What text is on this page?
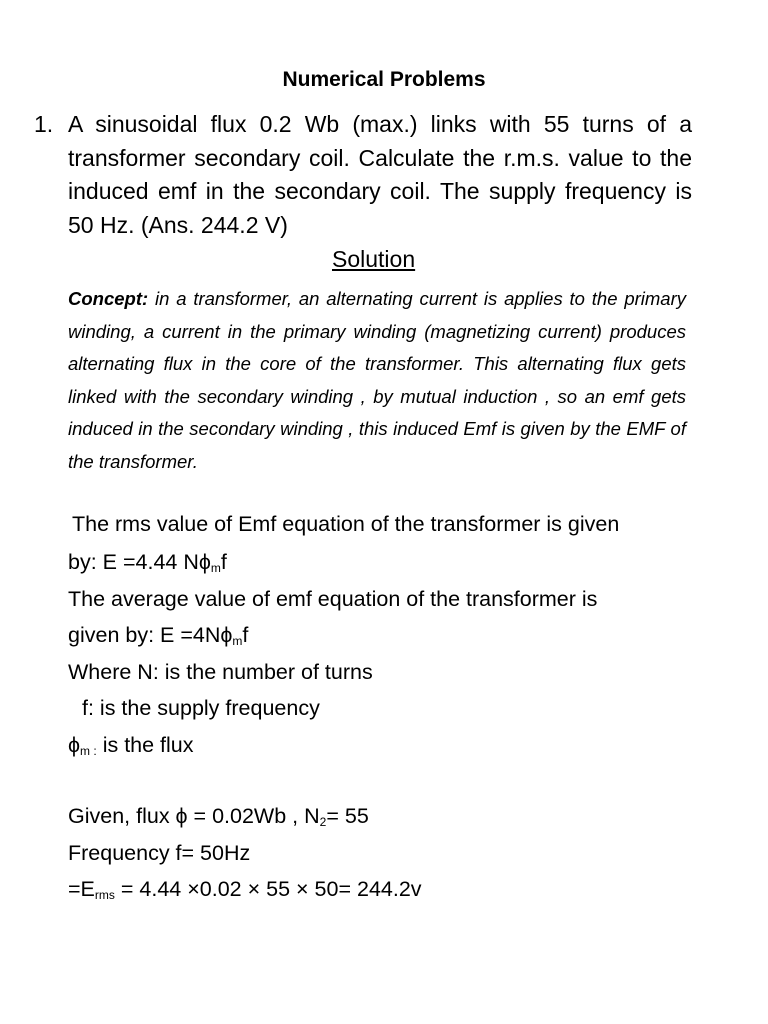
Numerical Problems
1. A sinusoidal flux 0.2 Wb (max.) links with 55 turns of a transformer secondary coil. Calculate the r.m.s. value to the induced emf in the secondary coil. The supply frequency is 50 Hz. (Ans. 244.2 V)
Solution
Concept: in a transformer, an alternating current is applies to the primary winding, a current in the primary winding (magnetizing current) produces alternating flux in the core of the transformer. This alternating flux gets linked with the secondary winding , by mutual induction , so an emf gets induced in the secondary winding , this induced Emf is given by the EMF of the transformer.
The rms value of Emf equation of the transformer is given
by: E =4.44 $N\phi_mf$
The average value of emf equation of the transformer is
given by: $E =4N\phi_mf$
Where N: is the number of turns
f: is the supply frequency
$\phi_{m :}$ is the flux
Given, flux ϕ = 0.02Wb , $N_2= 55$
Frequency f= 50Hz
$=E_{rms} = 4.44 \times 0.02 \times 55 \times 50= 244.2v$
